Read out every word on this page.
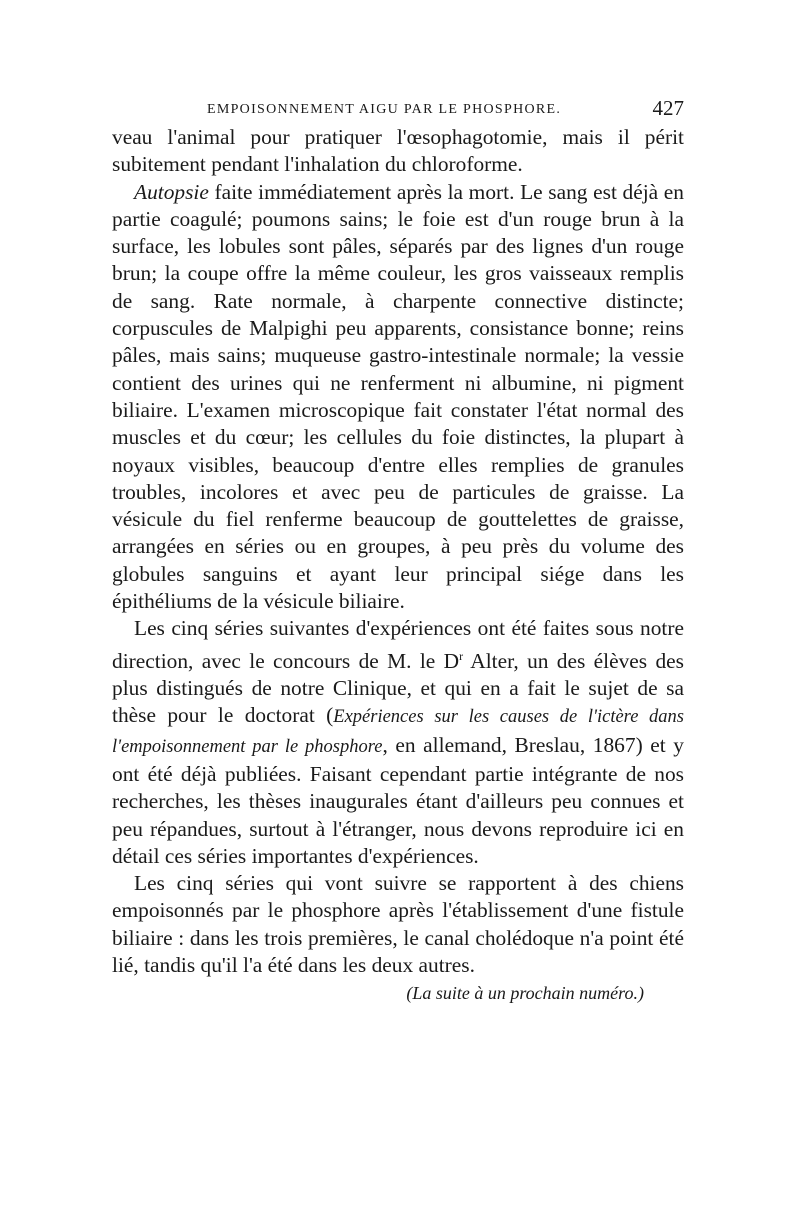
EMPOISONNEMENT AIGU PAR LE PHOSPHORE.	427

veau l'animal pour pratiquer l'œsophagotomie, mais il périt subitement pendant l'inhalation du chloroforme.

Autopsie faite immédiatement après la mort. Le sang est déjà en partie coagulé; poumons sains; le foie est d'un rouge brun à la surface, les lobules sont pâles, séparés par des lignes d'un rouge brun; la coupe offre la même couleur, les gros vaisseaux remplis de sang. Rate normale, à charpente connective distincte; corpuscules de Malpighi peu apparents, consistance bonne; reins pâles, mais sains; muqueuse gastro-intestinale normale; la vessie contient des urines qui ne renferment ni albumine, ni pigment biliaire. L'examen microscopique fait constater l'état normal des muscles et du cœur; les cellules du foie distinctes, la plupart à noyaux visibles, beaucoup d'entre elles remplies de granules troubles, incolores et avec peu de particules de graisse. La vésicule du fiel renferme beaucoup de gouttelettes de graisse, arrangées en séries ou en groupes, à peu près du volume des globules sanguins et ayant leur principal siége dans les épithéliums de la vésicule biliaire.

Les cinq séries suivantes d'expériences ont été faites sous notre direction, avec le concours de M. le $D^r$ Alter, un des élèves des plus distingués de notre Clinique, et qui en a fait le sujet de sa thèse pour le doctorat (Expériences sur les causes de l'ictère dans l'empoisonnement par le phosphore, en allemand, Breslau, 1867) et y ont été déjà publiées. Faisant cependant partie intégrante de nos recherches, les thèses inaugurales étant d'ailleurs peu connues et peu répandues, surtout à l'étranger, nous devons reproduire ici en détail ces séries importantes d'expériences.

Les cinq séries qui vont suivre se rapportent à des chiens empoisonnés par le phosphore après l'établissement d'une fistule biliaire : dans les trois premières, le canal cholédoque n'a point été lié, tandis qu'il l'a été dans les deux autres.

(La suite à un prochain numéro.)
